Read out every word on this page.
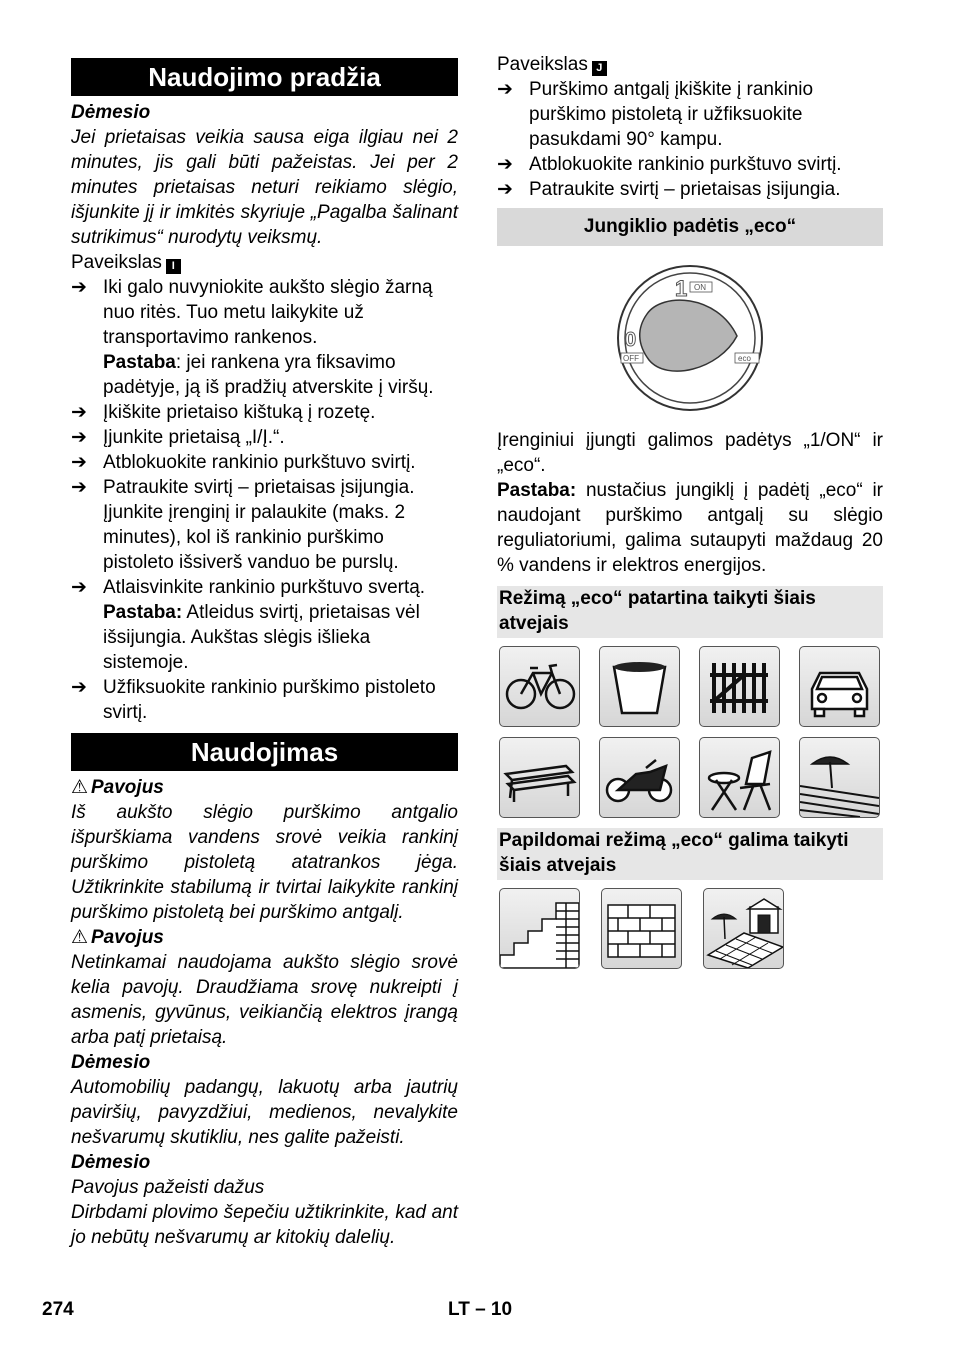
Naudojimo pradžia

Dėmesio

Jei prietaisas veikia sausa eiga ilgiau nei 2 minutes, jis gali būti pažeistas. Jei per 2 minutes prietaisas neturi reikiamo slėgio, išjunkite jį ir imkitės skyriuje „Pagalba šalinant sutrikimus“ nurodytų veiksmų.

Paveikslas I

➔ Iki galo nuvyniokite aukšto slėgio žarną nuo ritės. Tuo metu laikykite už transportavimo rankenos.

Pastaba: jei rankena yra fiksavimo padėtyje, ją iš pradžių atverskite į viršų.

➔ Įkiškite prietaiso kištuką į rozetę.
➔ Įjunkite prietaisą „I/Į.“.
➔ Atblokuokite rankinio purkštuvo svirtį.
➔ Patraukite svirtį – prietaisas įsijungia. Įjunkite įrenginį ir palaukite (maks. 2 minutes), kol iš rankinio purškimo pistoleto išsiverš vanduo be purslų.
➔ Atlaisvinkite rankinio purkštuvo svertą.

Pastaba: Atleidus svirtį, prietaisas vėl išsijungia. Aukštas slėgis išlieka sistemoje.

➔ Užfiksuokite rankinio purškimo pistoleto svirtį.
Naudojimas

⚠ Pavojus

Iš aukšto slėgio purškimo antgalio išpurškiama vandens srovė veikia rankinį purškimo pistoletą atatrankos jėga. Užtikrinkite stabilumą ir tvirtai laikykite rankinį purškimo pistoletą bei purškimo antgalį.

⚠ Pavojus

Netinkamai naudojama aukšto slėgio srovė kelia pavojų. Draudžiama srovę nukreipti į asmenis, gyvūnus, veikiančią elektros įrangą arba patį prietaisą.

Dėmesio

Automobilių padangų, lakuotų arba jautrių paviršių, pavyzdžiui, medienos, nevalykite nešvarumų skutikliu, nes galite pažeisti.

Dėmesio

Pavojus pažeisti dažus

Dirbdami plovimo šepečiu užtikrinkite, kad ant jo nebūtų nešvarumų ar kitokių dalelių.

Paveikslas J

➔ Purškimo antgalį įkiškite į rankinio purškimo pistoletą ir užfiksuokite pasukdami 90° kampu.
➔ Atblokuokite rankinio purkštuvo svirtį.
➔ Patraukite svirtį – prietaisas įsijungia.
Jungiklio padėtis „eco“
1 ON
0
OFF	eco

Įrenginiui įjungti galimos padėtys „1/ON“ ir „eco“.

Pastaba: nustačius jungiklį į padėtį „eco“ ir naudojant purškimo antgalį su slėgio reguliatoriumi, galima sutaupyti maždaug 20 % vandens ir elektros energijos.

Režimą „eco“ patartina taikyti šiais atvejais
Papildomai režimą „eco“ galima taikyti šiais atvejais
274	LT – 10
